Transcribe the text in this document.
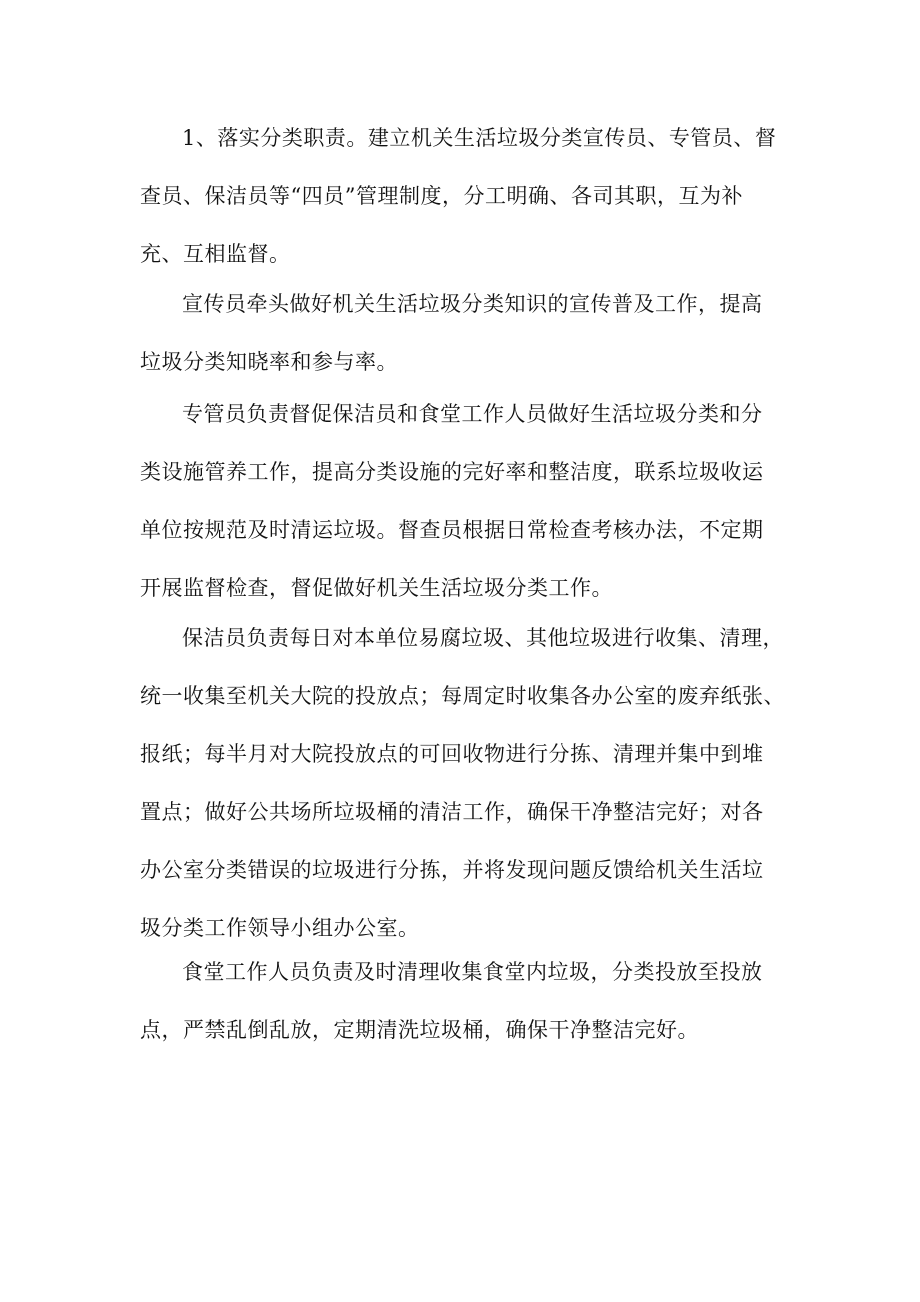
1、落实分类职责。建立机关生活垃圾分类宣传员、专管员、督
查员、保洁员等“四员”管理制度，分工明确、各司其职，互为补
充、互相监督。
宣传员牵头做好机关生活垃圾分类知识的宣传普及工作，提高
垃圾分类知晓率和参与率。
专管员负责督促保洁员和食堂工作人员做好生活垃圾分类和分
类设施管养工作，提高分类设施的完好率和整洁度，联系垃圾收运
单位按规范及时清运垃圾。督查员根据日常检查考核办法，不定期
开展监督检查，督促做好机关生活垃圾分类工作。
保洁员负责每日对本单位易腐垃圾、其他垃圾进行收集、清理，
统一收集至机关大院的投放点；每周定时收集各办公室的废弃纸张、
报纸；每半月对大院投放点的可回收物进行分拣、清理并集中到堆
置点；做好公共场所垃圾桶的清洁工作，确保干净整洁完好；对各
办公室分类错误的垃圾进行分拣，并将发现问题反馈给机关生活垃
圾分类工作领导小组办公室。
食堂工作人员负责及时清理收集食堂内垃圾，分类投放至投放
点，严禁乱倒乱放，定期清洗垃圾桶，确保干净整洁完好。
